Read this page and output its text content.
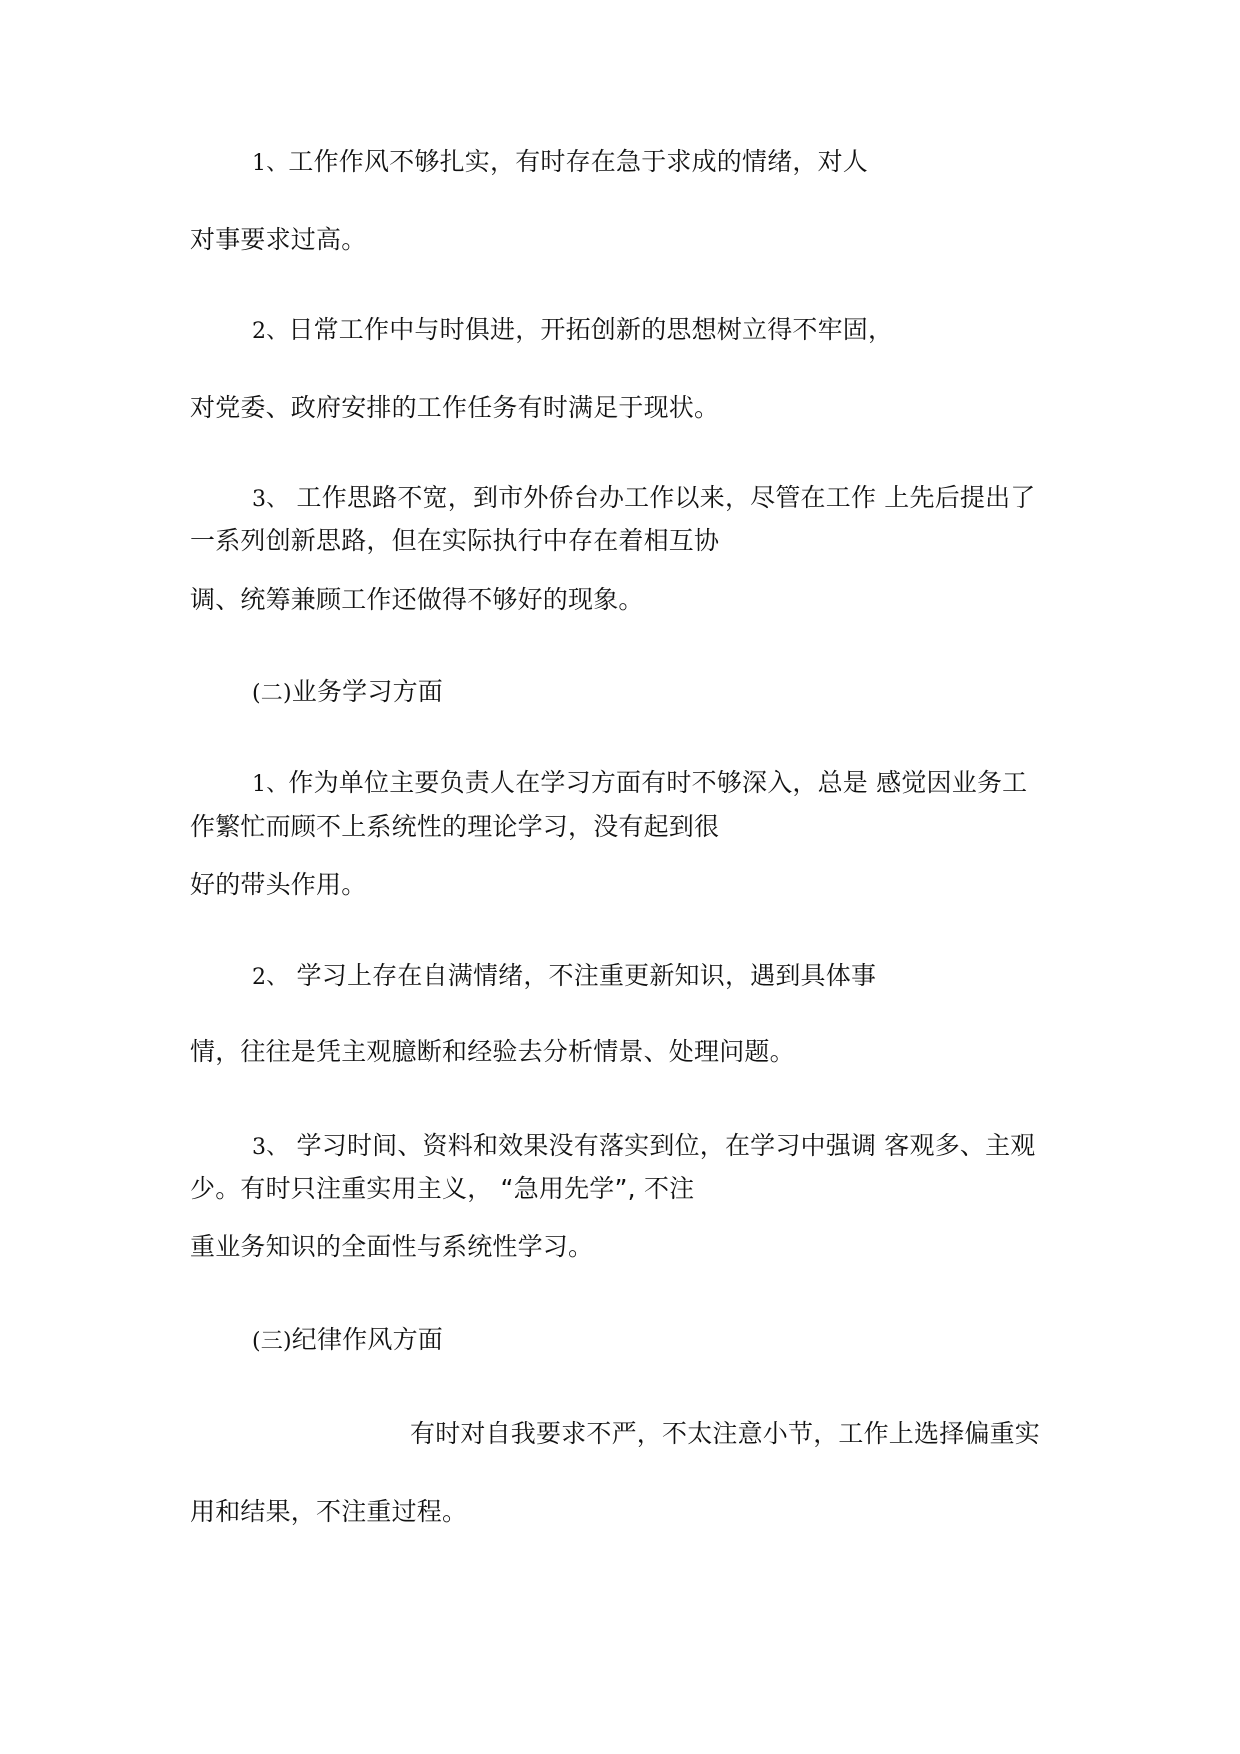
1、工作作风不够扎实，有时存在急于求成的情绪，对人
对事要求过高。
2、日常工作中与时俱进，开拓创新的思想树立得不牢固，
对党委、政府安排的工作任务有时满足于现状。
3、 工作思路不宽，到市外侨台办工作以来，尽管在工作 上先后提出了
一系列创新思路，但在实际执行中存在着相互协
调、统筹兼顾工作还做得不够好的现象。
(二)业务学习方面
1、作为单位主要负责人在学习方面有时不够深入，总是 感觉因业务工
作繁忙而顾不上系统性的理论学习，没有起到很
好的带头作用。
2、 学习上存在自满情绪，不注重更新知识，遇到具体事
情，往往是凭主观臆断和经验去分析情景、处理问题。
3、 学习时间、资料和效果没有落实到位，在学习中强调 客观多、主观
少。有时只注重实用主义， “急用先学”, 不注
重业务知识的全面性与系统性学习。
(三)纪律作风方面
有时对自我要求不严，不太注意小节，工作上选择偏重实
用和结果，不注重过程。
